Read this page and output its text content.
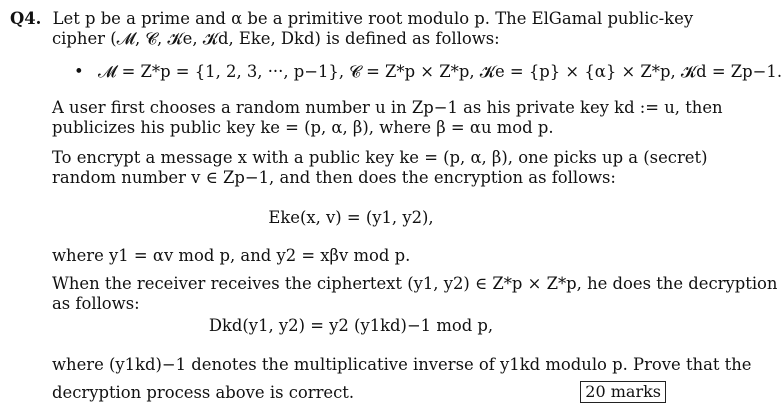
Q4. Let p be a prime and α be a primitive root modulo p. The ElGamal public-key
cipher (𝓜, 𝓒, 𝓚e, 𝓚d, Eke, Dkd) is defined as follows:
• 𝓜 = Z*p = {1, 2, 3, ···, p−1}, 𝓒 = Z*p × Z*p, 𝓚e = {p} × {α} × Z*p, 𝓚d = Zp−1.
A user first chooses a random number u in Zp−1 as his private key kd := u, then
publicizes his public key ke = (p, α, β), where β = αu mod p.
To encrypt a message x with a public key ke = (p, α, β), one picks up a (secret)
random number v ∈ Zp−1, and then does the encryption as follows:
Eke(x, v) = (y1, y2),
where y1 = αv mod p, and y2 = xβv mod p.
When the receiver receives the ciphertext (y1, y2) ∈ Z*p × Z*p, he does the decryption
as follows:
Dkd(y1, y2) = y2 (y1kd)−1 mod p,
where (y1kd)−1 denotes the multiplicative inverse of y1kd modulo p. Prove that the
decryption process above is correct.	20 marks
